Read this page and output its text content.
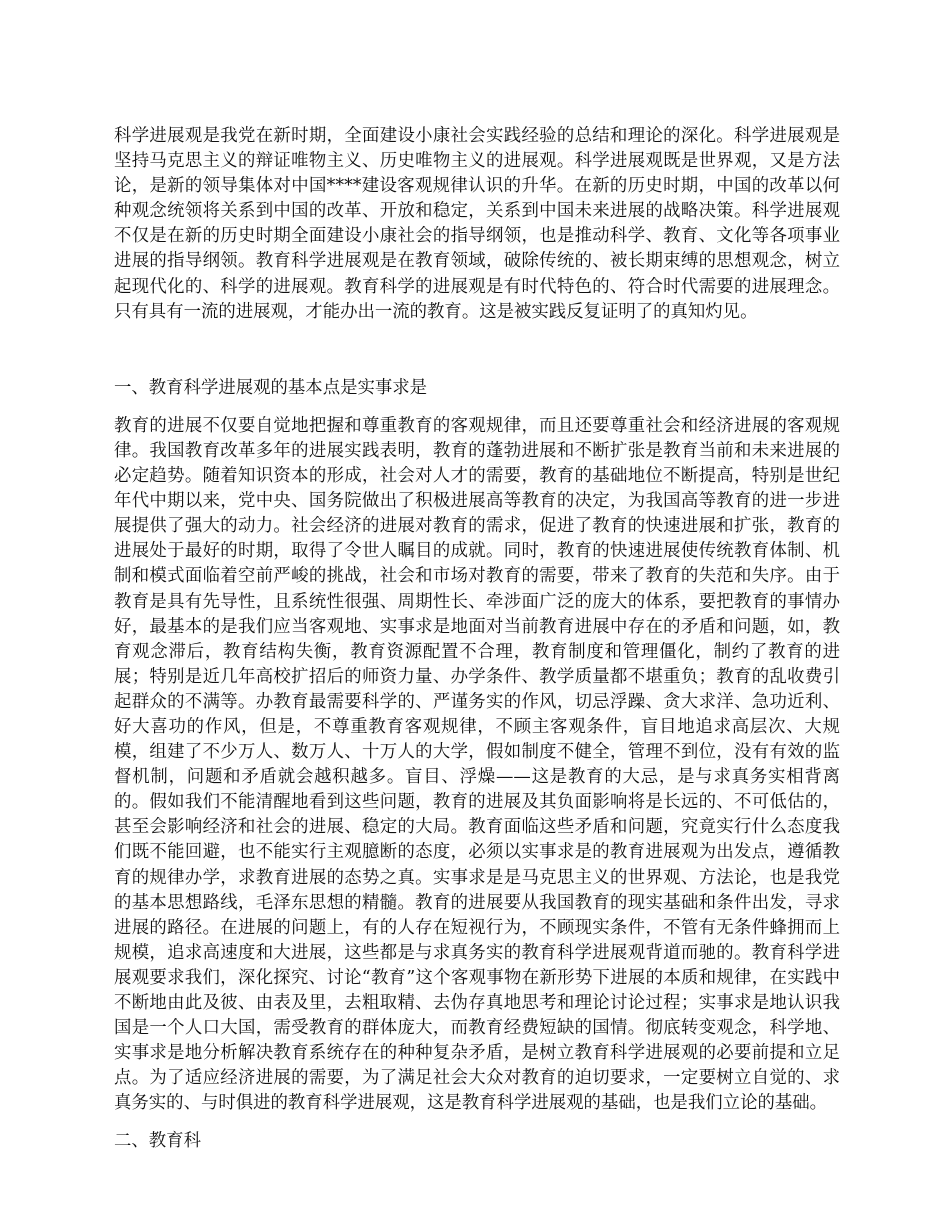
科学进展观是我党在新时期，全面建设小康社会实践经验的总结和理论的深化。科学进展观是坚持马克思主义的辩证唯物主义、历史唯物主义的进展观。科学进展观既是世界观，又是方法论，是新的领导集体对中国****建设客观规律认识的升华。在新的历史时期，中国的改革以何种观念统领将关系到中国的改革、开放和稳定，关系到中国未来进展的战略决策。科学进展观不仅是在新的历史时期全面建设小康社会的指导纲领，也是推动科学、教育、文化等各项事业进展的指导纲领。教育科学进展观是在教育领域，破除传统的、被长期束缚的思想观念，树立起现代化的、科学的进展观。教育科学的进展观是有时代特色的、符合时代需要的进展理念。只有具有一流的进展观，才能办出一流的教育。这是被实践反复证明了的真知灼见。

一、教育科学进展观的基本点是实事求是

教育的进展不仅要自觉地把握和尊重教育的客观规律，而且还要尊重社会和经济进展的客观规律。我国教育改革多年的进展实践表明，教育的蓬勃进展和不断扩张是教育当前和未来进展的必定趋势。随着知识资本的形成，社会对人才的需要，教育的基础地位不断提高，特别是世纪年代中期以来，党中央、国务院做出了积极进展高等教育的决定，为我国高等教育的进一步进展提供了强大的动力。社会经济的进展对教育的需求，促进了教育的快速进展和扩张，教育的进展处于最好的时期，取得了令世人瞩目的成就。同时，教育的快速进展使传统教育体制、机制和模式面临着空前严峻的挑战，社会和市场对教育的需要，带来了教育的失范和失序。由于教育是具有先导性，且系统性很强、周期性长、牵涉面广泛的庞大的体系，要把教育的事情办好，最基本的是我们应当客观地、实事求是地面对当前教育进展中存在的矛盾和问题，如，教育观念滞后，教育结构失衡，教育资源配置不合理，教育制度和管理僵化，制约了教育的进展；特别是近几年高校扩招后的师资力量、办学条件、教学质量都不堪重负；教育的乱收费引起群众的不满等。办教育最需要科学的、严谨务实的作风，切忌浮躁、贪大求洋、急功近利、好大喜功的作风，但是，不尊重教育客观规律，不顾主客观条件，盲目地追求高层次、大规模，组建了不少万人、数万人、十万人的大学，假如制度不健全，管理不到位，没有有效的监督机制，问题和矛盾就会越积越多。盲目、浮燥——这是教育的大忌，是与求真务实相背离的。假如我们不能清醒地看到这些问题，教育的进展及其负面影响将是长远的、不可低估的，甚至会影响经济和社会的进展、稳定的大局。教育面临这些矛盾和问题，究竟实行什么态度我们既不能回避，也不能实行主观臆断的态度，必须以实事求是的教育进展观为出发点，遵循教育的规律办学，求教育进展的态势之真。实事求是是马克思主义的世界观、方法论，也是我党的基本思想路线，毛泽东思想的精髓。教育的进展要从我国教育的现实基础和条件出发，寻求进展的路径。在进展的问题上，有的人存在短视行为，不顾现实条件，不管有无条件蜂拥而上规模，追求高速度和大进展，这些都是与求真务实的教育科学进展观背道而驰的。教育科学进展观要求我们，深化探究、讨论“教育”这个客观事物在新形势下进展的本质和规律，在实践中不断地由此及彼、由表及里，去粗取精、去伪存真地思考和理论讨论过程；实事求是地认识我国是一个人口大国，需受教育的群体庞大，而教育经费短缺的国情。彻底转变观念，科学地、实事求是地分析解决教育系统存在的种种复杂矛盾，是树立教育科学进展观的必要前提和立足点。为了适应经济进展的需要，为了满足社会大众对教育的迫切要求，一定要树立自觉的、求真务实的、与时俱进的教育科学进展观，这是教育科学进展观的基础，也是我们立论的基础。

二、教育科
